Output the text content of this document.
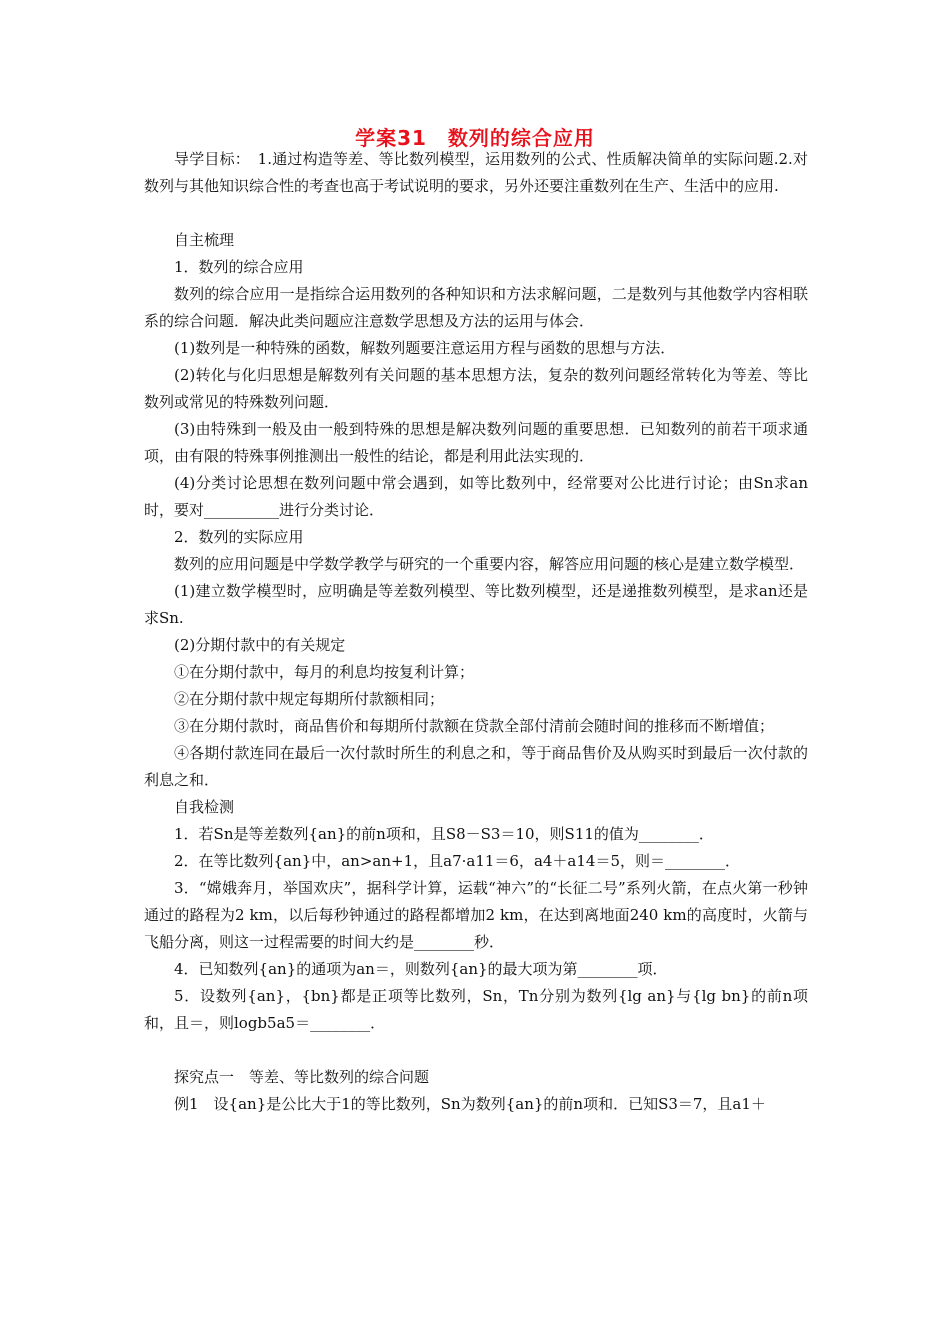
学案31　数列的综合应用

导学目标：　1.通过构造等差、等比数列模型，运用数列的公式、性质解决简单的实际问题.2.对数列与其他知识综合性的考查也高于考试说明的要求，另外还要注重数列在生产、生活中的应用.

自主梳理

1．数列的综合应用

数列的综合应用一是指综合运用数列的各种知识和方法求解问题，二是数列与其他数学内容相联系的综合问题．解决此类问题应注意数学思想及方法的运用与体会．

(1)数列是一种特殊的函数，解数列题要注意运用方程与函数的思想与方法．

(2)转化与化归思想是解数列有关问题的基本思想方法，复杂的数列问题经常转化为等差、等比数列或常见的特殊数列问题．

(3)由特殊到一般及由一般到特殊的思想是解决数列问题的重要思想．已知数列的前若干项求通项，由有限的特殊事例推测出一般性的结论，都是利用此法实现的．

(4)分类讨论思想在数列问题中常会遇到，如等比数列中，经常要对公比进行讨论；由Sn求an时，要对__________进行分类讨论．

2．数列的实际应用

数列的应用问题是中学数学教学与研究的一个重要内容，解答应用问题的核心是建立数学模型．

(1)建立数学模型时，应明确是等差数列模型、等比数列模型，还是递推数列模型，是求an还是求Sn.

(2)分期付款中的有关规定

①在分期付款中，每月的利息均按复利计算；

②在分期付款中规定每期所付款额相同；

③在分期付款时，商品售价和每期所付款额在贷款全部付清前会随时间的推移而不断增值；

④各期付款连同在最后一次付款时所生的利息之和，等于商品售价及从购买时到最后一次付款的利息之和．

自我检测

1．若Sn是等差数列{an}的前n项和，且S8－S3＝10，则S11的值为________．

2．在等比数列{an}中，an>an+1，且a7·a11＝6，a4＋a14＝5，则＝________．

3．“嫦娥奔月，举国欢庆”，据科学计算，运载“神六”的“长征二号”系列火箭，在点火第一秒钟通过的路程为2 km，以后每秒钟通过的路程都增加2 km，在达到离地面240 km的高度时，火箭与飞船分离，则这一过程需要的时间大约是________秒．

4．已知数列{an}的通项为an＝，则数列{an}的最大项为第________项．

5．设数列{an}，{bn}都是正项等比数列，Sn，Tn分别为数列{lg an}与{lg bn}的前n项和，且＝，则logb5a5＝________．

探究点一　等差、等比数列的综合问题

例1　设{an}是公比大于1的等比数列，Sn为数列{an}的前n项和．已知S3＝7，且a1＋
